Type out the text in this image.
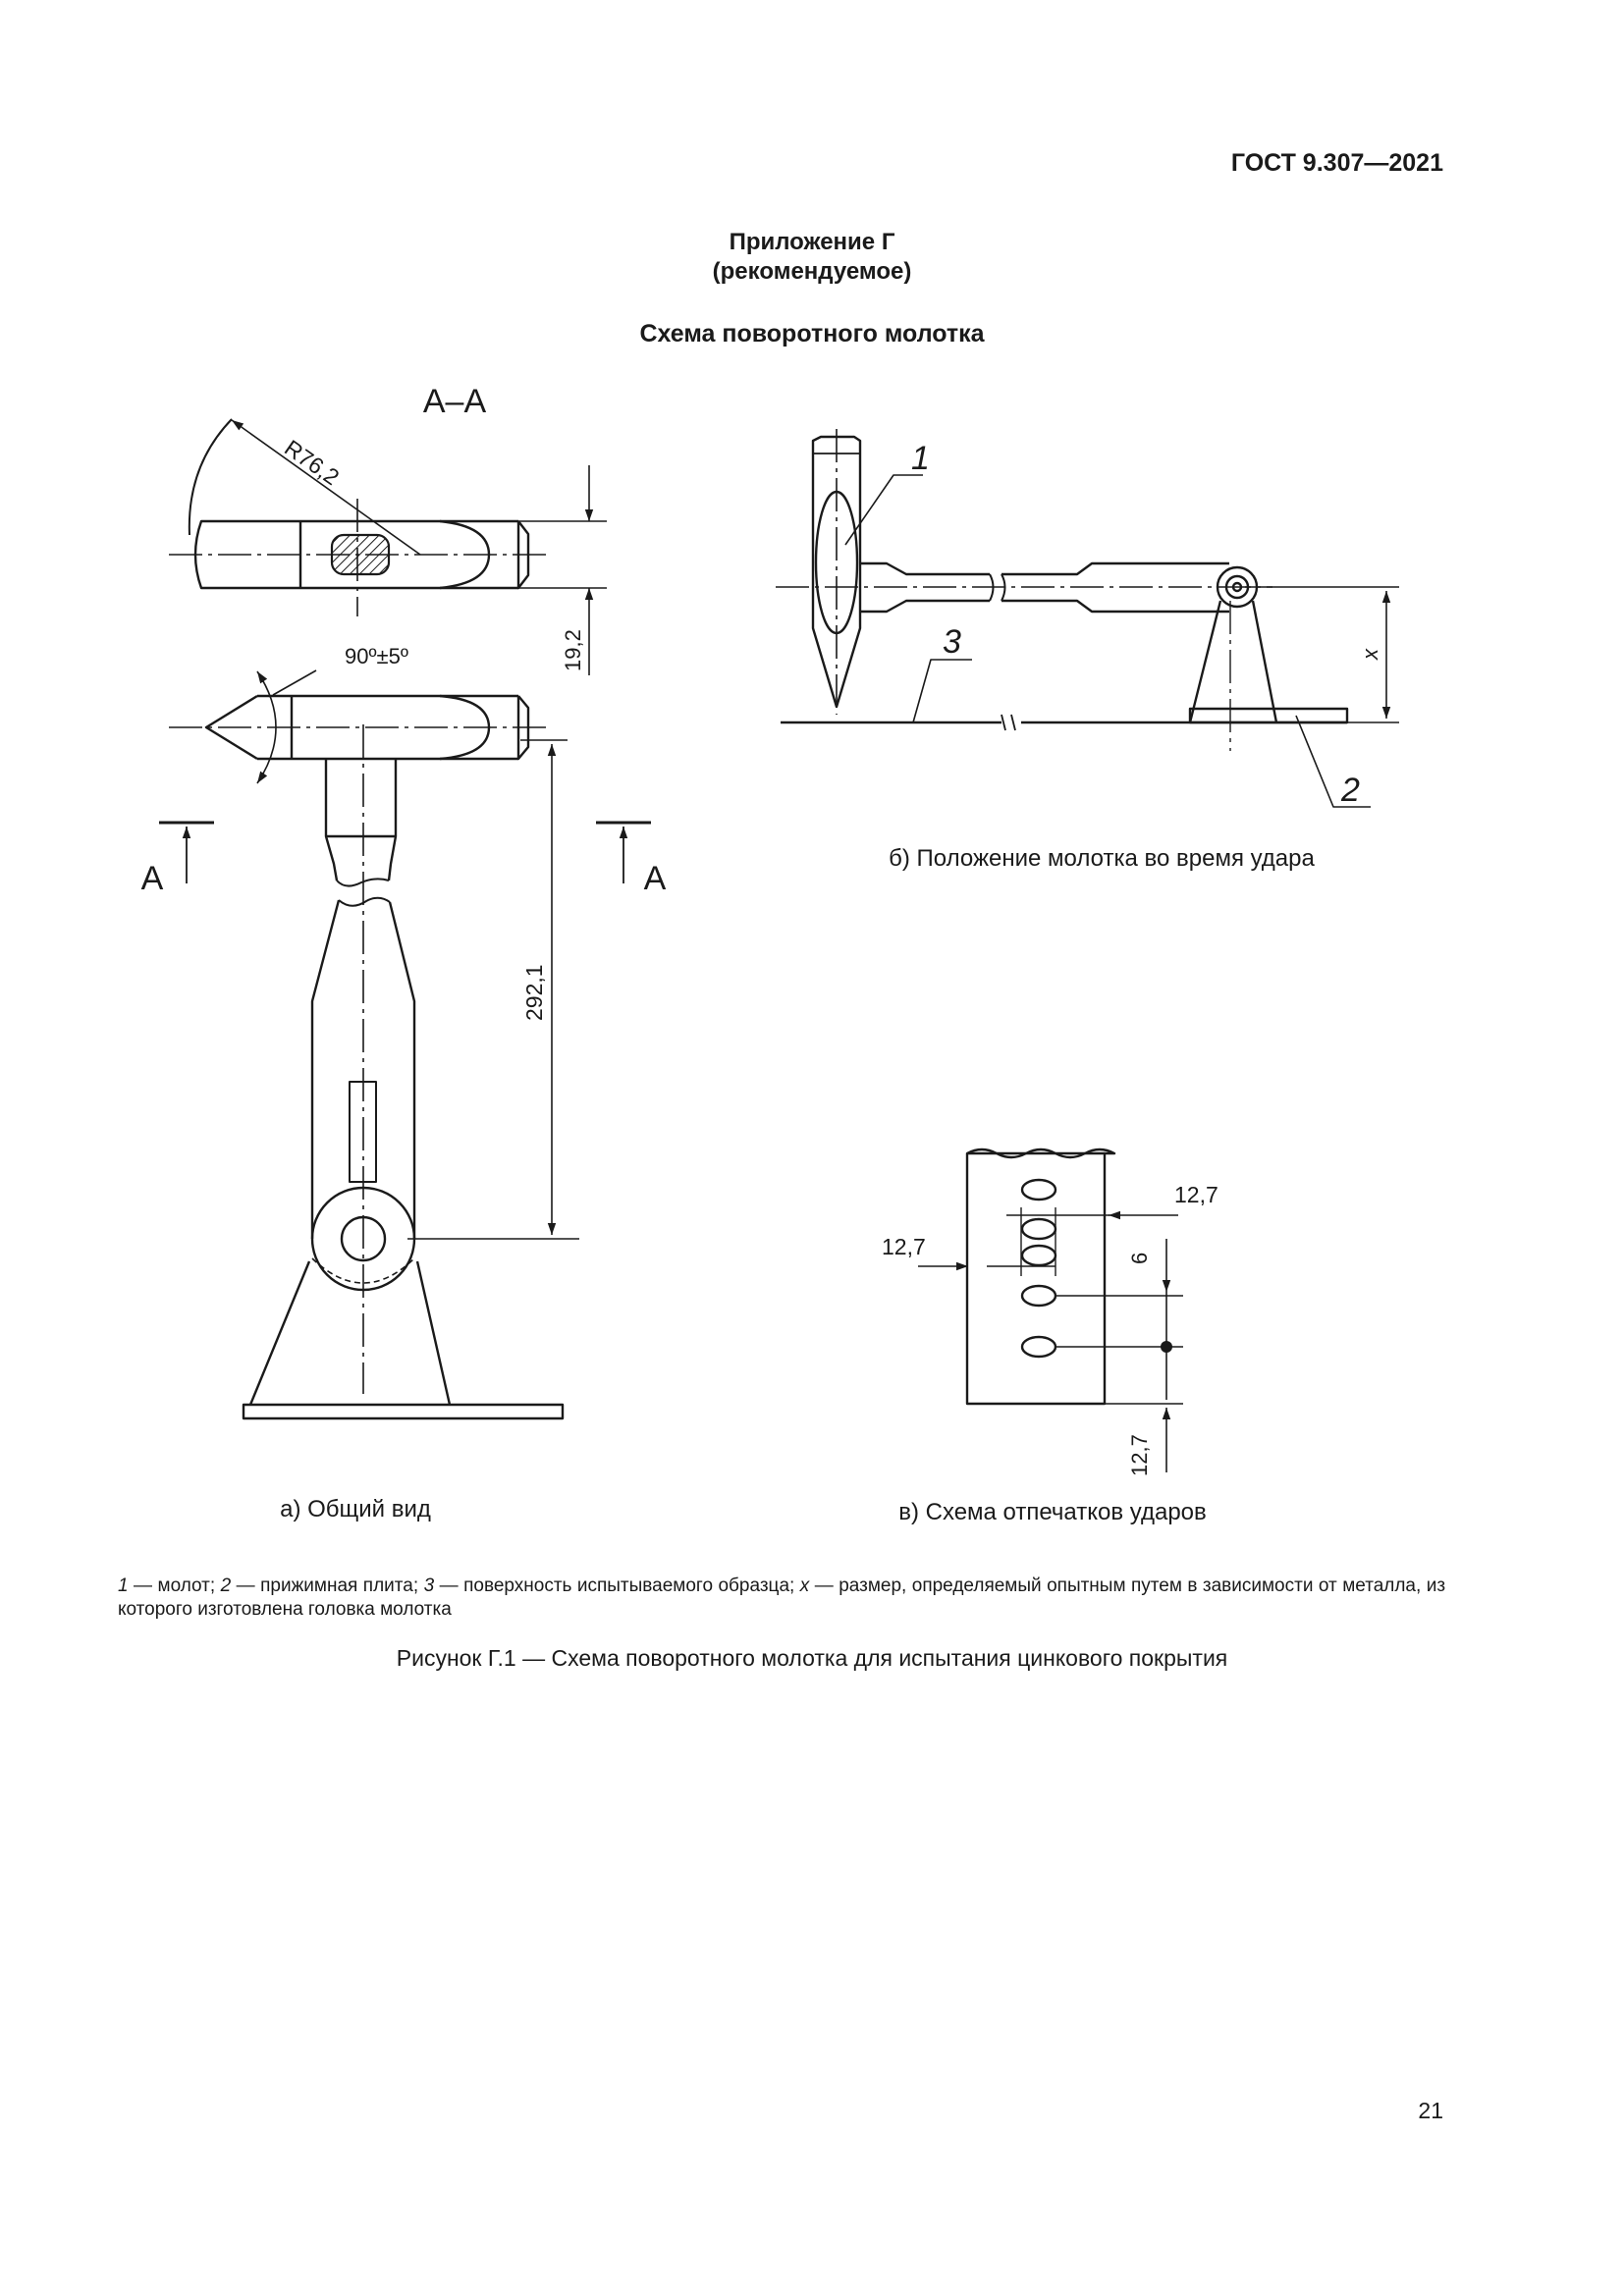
ГОСТ 9.307—2021
Приложение Г
(рекомендуемое)
Схема поворотного молотка
А–А
R76,2
19,2
90º±5º
292,1
А	А
а) Общий вид
x
1
3
2
б) Положение молотка во время удара
12,7
12,7	6
12,7
в) Схема отпечатков ударов
1 — молот; 2 — прижимная плита; 3 — поверхность испытываемого образца; x — размер, определяемый опытным путем в зависимости от металла, из которого изготовлена головка молотка
Рисунок Г.1 — Схема поворотного молотка для испытания цинкового покрытия
21
